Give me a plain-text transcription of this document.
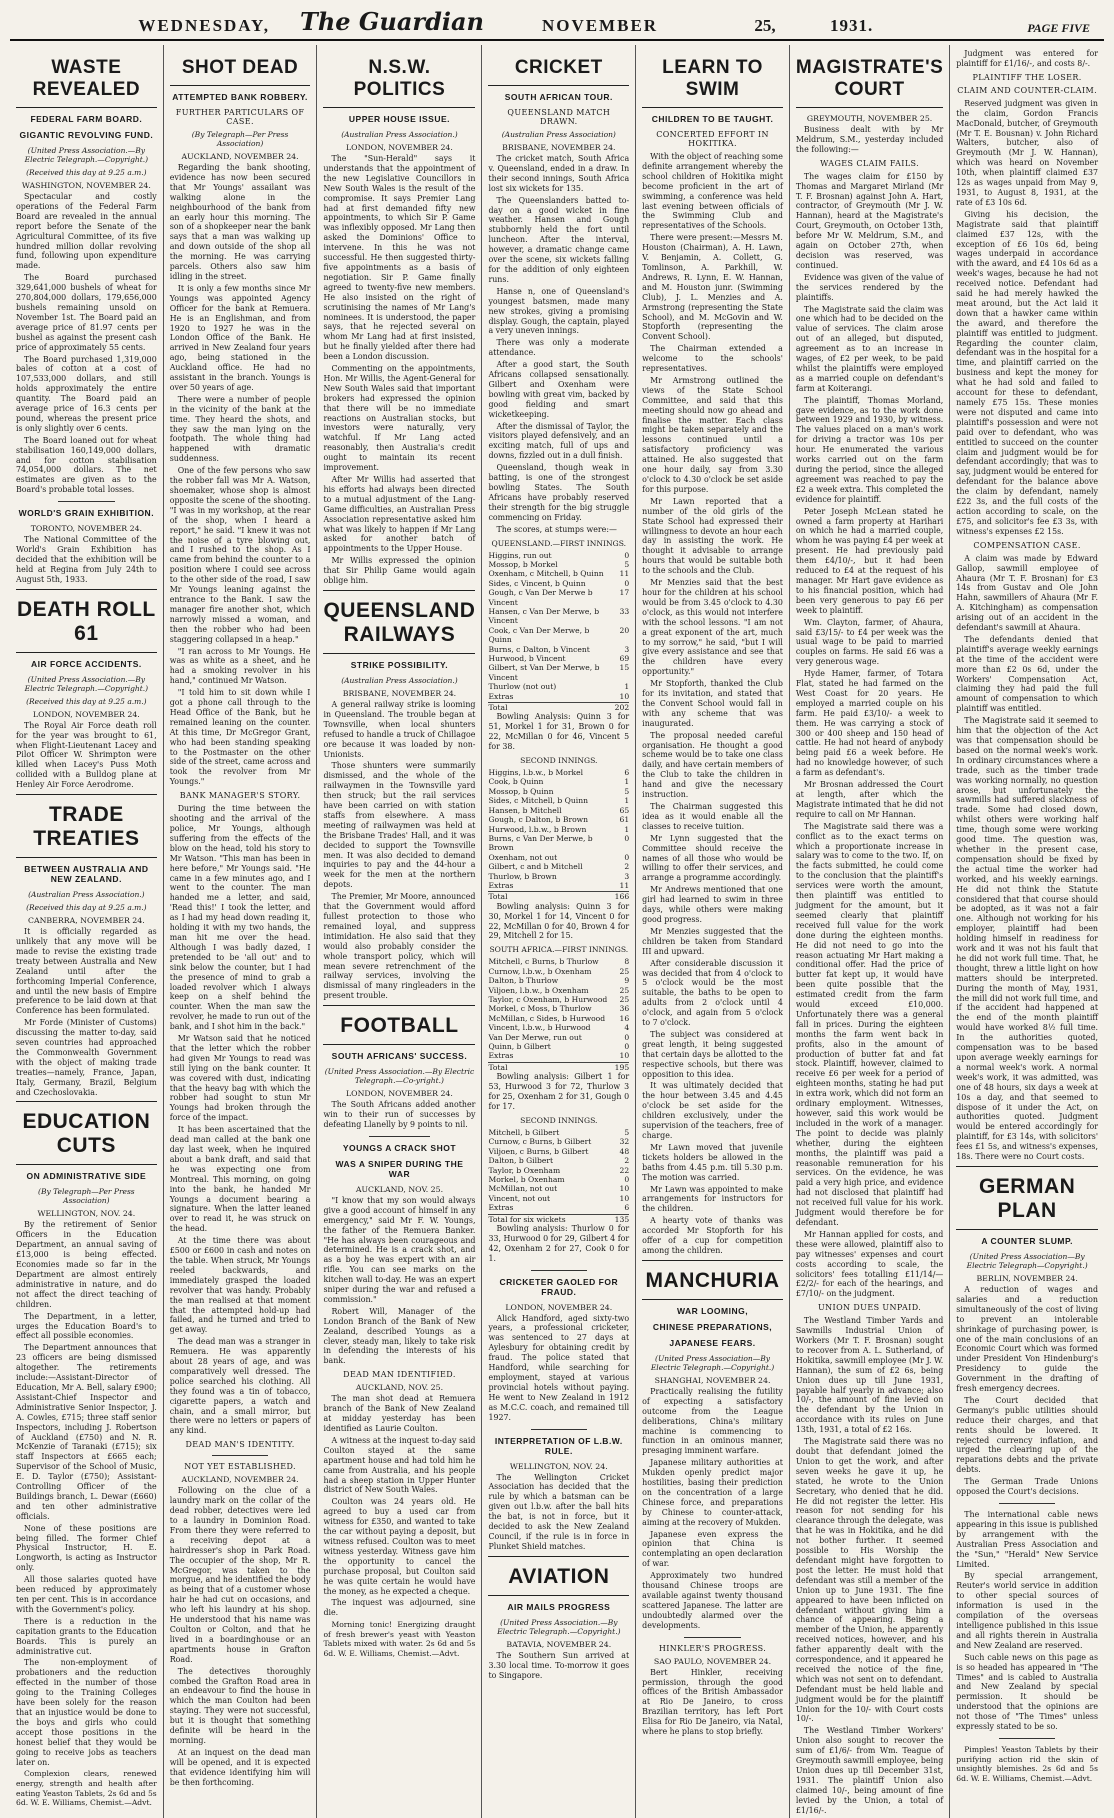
WEDNESDAY,	The Guardian	NOVEMBER	25,	1931.	PAGE FIVE
WASTE REVEALED
FEDERAL FARM BOARD.
GIGANTIC REVOLVING FUND.
(United Press Association.—By Electric Telegraph.—Copyright.)
(Received this day at 9.25 a.m.)
WASHINGTON, NOVEMBER 24.

Spectacular and costly operations of the Federal Farm Board are revealed in the annual report before the Senate of the Agricultural Committee, of its five hundred million dollar revolving fund, following upon expenditure made.

The Board purchased 329,641,000 bushels of wheat for 270,804,000 dollars, 179,656,000 bushels remaining unsold on November 1st. The Board paid an average price of 81.97 cents per bushel as against the present cash price of approximately 55 cents.

The Board purchased 1,319,000 bales of cotton at a cost of 107,533,000 dollars, and still holds approximately the entire quantity. The Board paid an average price of 16.3 cents per pound, whereas the present price is only slightly over 6 cents.

The Board loaned out for wheat stabilisation 160,149,000 dollars, and for cotton stabilisation 74,054,000 dollars. The net estimates are given as to the Board's probable total losses.

WORLD'S GRAIN EXHIBITION.
TORONTO, NOVEMBER 24.

The National Committee of the World's Grain Exhibition has decided that the exhibition will be held at Regina from July 24th to August 5th, 1933.

DEATH ROLL 61
AIR FORCE ACCIDENTS.
(United Press Association.—By Electric Telegraph.—Copyright.)
(Received this day at 9.25 a.m.)
LONDON, NOVEMBER 24.

The Royal Air Force death roll for the year was brought to 61, when Flight-Lieutenant Lacey and Pilot Officer W. Shrimpton were killed when Lacey's Puss Moth collided with a Bulldog plane at Henley Air Force Aerodrome.

TRADE TREATIES
BETWEEN AUSTRALIA AND NEW ZEALAND.
(Australian Press Association.)
(Received this day at 9.25 a.m.)
CANBERRA, NOVEMBER 24.

It is officially regarded as unlikely that any move will be made to revise the existing trade treaty between Australia and New Zealand until after the forthcoming Imperial Conference, and until the new basis of Empire preference to be laid down at that Conference has been formulated.

Mr Forde (Minister of Customs) discussing the matter to-day, said seven countries had approached the Commonwealth Government with the object of making trade treaties—namely, France, Japan, Italy, Germany, Brazil, Belgium and Czechoslovakia.

EDUCATION CUTS
ON ADMINISTRATIVE SIDE
(By Telegraph—Per Press Association)
WELLINGTON, NOV. 24.

By the retirement of Senior Officers in the Education Department, an annual saving of £13,000 is being effected. Economies made so far in the Department are almost entirely administrative in nature, and do not affect the direct teaching of children.

The Department, in a letter, urges the Education Board's to effect all possible economies.

The Department announces that 23 officers are being dismissed altogether. The retirements include:—Assistant-Director of Education, Mr A. Bell, salary £900; Assistant-Chief Inspector and Administrative Senior Inspector, J. A. Cowles, £715; three staff senior Inspectors, including J. Robertson of Auckland (£750) and N. R. McKenzie of Taranaki (£715); six staff Inspectors at £665 each; Supervisor of the School of Music, E. D. Taylor (£750); Assistant-Controlling Officer of the Buildings branch, L. Dewar (£660) and ten other administrative officials.

None of these positions are being filled. The former Chief Physical Instructor, H. E. Longworth, is acting as Instructor only.

All those salaries quoted have been reduced by approximately ten per cent. This is in accordance with the Government's policy.

There is a reduction in the capitation grants to the Education Boards. This is purely an administrative cut.

The non-employment of probationers and the reduction effected in the number of those going to the Training Colleges have been solely for the reason that an injustice would be done to the boys and girls who could accept those positions in the honest belief that they would be going to receive jobs as teachers later on.

Complexion clears, renewed energy, strength and health after eating Yeaston Tablets, 2s 6d and 5s 6d. W. E. Williams, Chemist.—Advt.

SHOT DEAD
ATTEMPTED BANK ROBBERY.
FURTHER PARTICULARS OF CASE.
(By Telegraph—Per Press Association)
AUCKLAND, NOVEMBER 24.

Regarding the bank shooting, evidence has now been secured that Mr Youngs' assailant was walking alone in the neighbourhood of the bank from an early hour this morning. The son of a shopkeeper near the bank says that a man was walking up and down outside of the shop all the morning. He was carrying parcels. Others also saw him idling in the street.

It is only a few months since Mr Youngs was appointed Agency Officer for the bank at Remuera. He is an Englishman, and from 1920 to 1927 he was in the London Office of the Bank. He arrived in New Zealand four years ago, being stationed in the Auckland office. He had no assistant in the branch. Youngs is over 50 years of age.

There were a number of people in the vicinity of the bank at the time. They heard the shots, and they saw the man lying on the footpath. The whole thing had happened with dramatic suddenness.

One of the few persons who saw the robber fall was Mr A. Watson, shoemaker, whose shop is almost opposite the scene of the shooting. "I was in my workshop, at the rear of the shop, when I heard a report," he said. "I knew it was not the noise of a tyre blowing out, and I rushed to the shop. As I came from behind the counter to a position where I could see across to the other side of the road, I saw Mr Youngs leaning against the entrance to the Bank. I saw the manager fire another shot, which narrowly missed a woman, and then the robber who had been staggering collapsed in a heap."

"I ran across to Mr Youngs. He was as white as a sheet, and he had a smoking revolver in his hand," continued Mr Watson.

"I told him to sit down while I got a phone call through to the Head Office of the Bank, but he remained leaning on the counter. At this time, Dr McGregor Grant, who had been standing speaking to the Postmaster on the other side of the street, came across and took the revolver from Mr Youngs."

BANK MANAGER'S STORY.

During the time between the shooting and the arrival of the police, Mr Youngs, although suffering from the effects of the blow on the head, told his story to Mr Watson. "This man has been in here before," Mr Youngs said. "He came in a few minutes ago, and I went to the counter. The man handed me a letter, and said, 'Read this!' I took the letter, and as I had my head down reading it, holding it with my two hands, the man hit me over the head. Although I was badly dazed, I pretended to be 'all out' and to sink below the counter, but I had the presence of mind to grab a loaded revolver which I always keep on a shelf behind the counter. When the man saw the revolver, he made to run out of the bank, and I shot him in the back."

Mr Watson said that he noticed that the letter which the robber had given Mr Youngs to read was still lying on the bank counter. It was covered with dust, indicating that the heavy bag with which the robber had sought to stun Mr Youngs had broken through the force of the impact.

It has been ascertained that the dead man called at the bank one day last week, when he inquired about a bank draft, and said that he was expecting one from Montreal. This morning, on going into the bank, he handed Mr Youngs a document bearing a signature. When the latter leaned over to read it, he was struck on the head.

At the time there was about £500 or £600 in cash and notes on the table. When struck, Mr Youngs reeled backwards, and immediately grasped the loaded revolver that was handy. Probably the man realised at that moment that the attempted hold-up had failed, and he turned and tried to get away.

The dead man was a stranger in Remuera. He was apparently about 28 years of age, and was comparatively well dressed. The police searched his clothing. All they found was a tin of tobacco, cigarette papers, a watch and chain, and a small mirror, but there were no letters or papers of any kind.

DEAD MAN'S IDENTITY.
NOT YET ESTABLISHED.
AUCKLAND, NOVEMBER 24.

Following on the clue of a laundry mark on the collar of the dead robber, detectives were led to a laundry in Dominion Road. From there they were referred to a receiving depot at a hairdresser's shop in Park Road. The occupier of the shop, Mr R. McGregor, was taken to the morgue, and he identified the body as being that of a customer whose hair he had cut on occasions, and who left his laundry at his shop. He understood that his name was Coulton or Colton, and that he lived in a boardinghouse or an apartments house in Grafton Road.

The detectives thoroughly combed the Grafton Road area in an endeavour to find the house in which the man Coulton had been staying. They were not successful, but it is thought that something definite will be heard in the morning.

At an inquest on the dead man will be opened, and it is expected that evidence identifying him will be then forthcoming.

N.S.W. POLITICS
UPPER HOUSE ISSUE.
(Australian Press Association.)
LONDON, NOVEMBER 24.

The "Sun-Herald" says it understands that the appointment of the new Legislative Councillors in New South Wales is the result of the compromise. It says Premier Lang had at first demanded fifty new appointments, to which Sir P. Game was inflexibly opposed. Mr Lang then asked the Dominions' Office to intervene. In this he was not successful. He then suggested thirty-five appointments as a basis of negotiation. Sir P. Game finally agreed to twenty-five new members. He also insisted on the right of scrutinising the names of Mr Lang's nominees. It is understood, the paper says, that he rejected several on whom Mr Lang had at first insisted, but he finally yielded after there had been a London discussion.

Commenting on the appointments, Hon. Mr Willis, the Agent-General for New South Wales said that important brokers had expressed the opinion that there will be no immediate reactions on Australian stocks, but investors were naturally, very watchful. If Mr Lang acted reasonably, then Australia's credit ought to maintain its recent improvement.

After Mr Willis had asserted that his efforts had always been directed to a mutual adjustment of the Lang-Game difficulties, an Australian Press Association representative asked him what was likely to happen if Mr Lang asked for another batch of appointments to the Upper House.

Mr Willis expressed the opinion that Sir Philip Game would again oblige him.

QUEENSLAND RAILWAYS
STRIKE POSSIBILITY.
(Australian Press Association.)
BRISBANE, NOVEMBER 24.

A general railway strike is looming in Queensland. The trouble began at Townsville, when local shunters refused to handle a truck of Chillagoe ore because it was loaded by non-Unionists.

Those shunters were summarily dismissed, and the whole of the railwaymen in the Townsville yard then struck; but the rail services have been carried on with station staffs from elsewhere. A mass meeting of railwaymen was held at the Brisbane Trades' Hall, and it was decided to support the Townsville men. It was also decided to demand inquiries to pay and the 44-hour a week for the men at the northern depots.

The Premier, Mr Moore, announced that the Government would afford fullest protection to those who remained loyal, and suppress intimidation. He also said that they would also probably consider the whole transport policy, which will mean severe retrenchment of the railway services, involving the dismissal of many ringleaders in the present trouble.

FOOTBALL
SOUTH AFRICANS' SUCCESS.
(United Press Association.—By Electric Telegraph.—Co-yright.)
LONDON, NOVEMBER 24.

The South Africans added another win to their run of successes by defeating Llanelly by 9 points to nil.

YOUNGS A CRACK SHOT
WAS A SNIPER DURING THE WAR
AUCKLAND, NOV. 25.

"I know that my son would always give a good account of himself in any emergency," said Mr F. W. Youngs, the father of the Remuera Banker. "He has always been courageous and determined. He is a crack shot, and as a boy he was expert with an air rifle. You can see marks on the kitchen wall to-day. He was an expert sniper during the war and refused a commission."

Robert Will, Manager of the London Branch of the Bank of New Zealand, described Youngs as a clever, steady man, likely to take risk in defending the interests of his bank.

DEAD MAN IDENTIFIED.
AUCKLAND, NOV. 25.

The man shot dead at Remuera branch of the Bank of New Zealand at midday yesterday has been identified as Laurie Coulton.

A witness at the inquest to-day said Coulton stayed at the same apartment house and had told him he came from Australia, and his people had a sheep station in Upper Hunter district of New South Wales.

Coulton was 24 years old. He agreed to buy a used car from witness for £350, and wanted to take the car without paying a deposit, but witness refused. Coulton was to meet witness yesterday. Witness gave him the opportunity to cancel the purchase proposal, but Coulton said he was quite certain he would have the money, as he expected a cheque.

The inquest was adjourned, sine die.

Morning tonic! Energizing draught of fresh brewer's yeast with Yeaston Tablets mixed with water. 2s 6d and 5s 6d. W. E. Williams, Chemist.—Advt.

CRICKET
SOUTH AFRICAN TOUR.
QUEENSLAND MATCH DRAWN.
(Australian Press Association)
BRISBANE, NOVEMBER 24.

The cricket match, South Africa v. Queensland, ended in a draw. In their second innings, South Africa lost six wickets for 135.

The Queenslanders batted to-day on a good wicket in fine weather. Hansen and Gough stubbornly held the fort until luncheon. After the interval, however, a dramatic change came over the scene, six wickets falling for the addition of only eighteen runs.

Hanse n, one of Queensland's youngest batsmen, made many new strokes, giving a promising display. Gough, the captain, played a very uneven innings.

There was only a moderate attendance.

After a good start, the South Africans collapsed sensationally. Gilbert and Oxenham were bowling with great vim, backed by good fielding and smart wicketkeeping.

After the dismissal of Taylor, the visitors played defensively, and an exciting match, full of ups and downs, fizzled out in a dull finish.

Queensland, though weak in batting, is one of the strongest bowling States. The South Africans have probably reserved their strength for the big struggle commencing on Friday.

The scores, at stumps were:—

QUEENSLAND.—FIRST INNINGS.
Higgins, run out	0
Mossop, b Morkel	5
Oxenham, c Mitchell, b Quinn	11
Sides, c Vincent, b Quinn	0
Gough, c Van Der Merwe b Vincent
17
Hansen, c Van Der Merwe, b Vincent
33
Cook, c Van Der Merwe, b Quinn
20
Burns, c Dalton, b Vincent	3
Hurwood, b Vincent	69
Gilbert, st Van Der Merwe, b Vincent
15
Thurlow (not out)	1
Extras	10
Total	202

Bowling Analysis: Quinn 3 for 51, Morkel 1 for 31, Brown 0 for 22, McMillan 0 for 46, Vincent 5 for 38.

SECOND INNINGS.
Higgins, l.b.w., b Morkel	6
Cook, b Quinn	1
Mossop, b Quinn	5
Sides, c Mitchell, b Quinn	1
Hansen, b Mitchell	65
Gough, c Dalton, b Brown	61
Hurwood, l.b.w., b Brown	1
Burns, c Van Der Merwe, b Brown
0
Oxenham, not out	0
Gilbert, c and b Mitchell	2
Thurlow, b Brown	3
Extras	11
Total	166

Bowling analysis: Quinn 3 for 30, Morkel 1 for 14, Vincent 0 for 22, McMillan 0 for 40, Brown 4 for 29, Mitchell 2 for 15.

SOUTH AFRICA.—FIRST INNINGS.
Mitchell, c Burns, b Thurlow	8
Curnow, l.b.w., b Oxenham	25
Dalton, b Thurlow	9
Viljoen, l.b.w., b Oxenham	25
Taylor, c Oxenham, b Hurwood	25
Morkel, c Moss, b Thurlow	36
McMillan, c Sides, b Hurwood	16
Vincent, l.b.w., b Hurwood	4
Van Der Merwe, run out	0
Quinn, b Gilbert	0
Extras	10
Total	195

Bowling analysis: Gilbert 1 for 53, Hurwood 3 for 72, Thurlow 3 for 25, Oxenham 2 for 31, Gough 0 for 17.

SECOND INNINGS.
Mitchell, b Gilbert	5
Curnow, c Burns, b Gilbert	32
Viljoen, c Burns, b Gilbert	48
Dalton, b Gilbert	2
Taylor, b Oxenham	22
Morkel, b Oxenham	0
McMillan, not out	10
Vincent, not out	10
Extras	6
Total for six wickets	135

Bowling analysis: Thurlow 0 for 33, Hurwood 0 for 29, Gilbert 4 for 42, Oxenham 2 for 27, Cook 0 for 1.

CRICKETER GAOLED FOR FRAUD.
LONDON, NOVEMBER 24.

Alick Handford, aged sixty-two years, a professional cricketer, was sentenced to 27 days at Aylesbury for obtaining credit by fraud. The police stated that Handford, while searching for employment, stayed at various provincial hotels without paying. He went to New Zealand in 1912 as M.C.C. coach, and remained till 1927.

INTERPRETATION OF L.B.W. RULE.
WELLINGTON, NOV. 24.

The Wellington Cricket Association has decided that the rule by which a batsman can be given out l.b.w. after the ball hits the bat, is not in force, but it decided to ask the New Zealand Council, if the rule is in force in Plunket Shield matches.

AVIATION
AIR MAILS PROGRESS
(United Press Association.—By Electric Telegraph.—Copyright.)
BATAVIA, NOVEMBER 24.

The Southern Sun arrived at 3.30 local time. To-morrow it goes to Singapore.

LEARN TO SWIM
CHILDREN TO BE TAUGHT.
CONCERTED EFFORT IN HOKITIKA.

With the object of reaching some definite arrangement whereby the school children of Hokitika might become proficient in the art of swimming, a conference was held last evening between officials of the Swimming Club and representatives of the Schools.

There were present:—Messrs M. Houston (Chairman), A. H. Lawn, V. Benjamin, A. Collett, G. Tomlinson, A. Parkhill, W. Andrews, R. Lynn, E. W. Hannan, and M. Houston junr. (Swimming Club), J. L. Menzies and A. Armstrong (representing the State School), and M. McGovin and W. Stopforth (representing the Convent School).

The Chairman extended a welcome to the schools' representatives.

Mr Armstrong outlined the views of the State School Committee, and said that this meeting should now go ahead and finalise the matter. Each class might be taken separately and the lessons continued until a satisfactory proficiency was attained. He also suggested that one hour daily, say from 3.30 o'clock to 4.30 o'clock be set aside for this purpose.

Mr Lawn reported that a number of the old girls of the State School had expressed their willingness to devote an hour each day in assisting the work. He thought it advisable to arrange hours that would be suitable both to the schools and the Club.

Mr Menzies said that the best hour for the children at his school would be from 3.45 o'clock to 4.30 o'clock, as this would not interfere with the school lessons. "I am not a great exponent of the art, much to my sorrow," he said, "but I will give every assistance and see that the children have every opportunity."

Mr Stopforth, thanked the Club for its invitation, and stated that the Convent School would fall in with any scheme that was inaugurated.

The proposal needed careful organisation. He thought a good scheme would be to take one class daily, and have certain members of the Club to take the children in hand and give the necessary instruction.

The Chairman suggested this idea as it would enable all the classes to receive tuition.

Mr Lynn suggested that the Committee should receive the names of all those who would be willing to offer their services, and arrange a programme accordingly.

Mr Andrews mentioned that one girl had learned to swim in three days, while others were making good progress.

Mr Menzies suggested that the children be taken from Standard III and upward.

After considerable discussion it was decided that from 4 o'clock to 5 o'clock would be the most suitable, the baths to be open to adults from 2 o'clock until 4 o'clock, and again from 5 o'clock to 7 o'clock.

The subject was considered at great length, it being suggested that certain days be allotted to the respective schools, but there was opposition to this idea.

It was ultimately decided that the hour between 3.45 and 4.45 o'clock be set aside for the children exclusively, under the supervision of the teachers, free of charge.

Mr Lawn moved that juvenile tickets holders be allowed in the baths from 4.45 p.m. till 5.30 p.m. The motion was carried.

Mr Lawn was appointed to make arrangements for instructors for the children.

A hearty vote of thanks was accorded Mr Stopforth for his offer of a cup for competition among the children.

MANCHURIA
WAR LOOMING,
CHINESE PREPARATIONS,
JAPANESE FEARS.
(United Press Association—By Electric Telegraph.—Copyright.)
SHANGHAI, NOVEMBER 24.

Practically realising the futility of expecting a satisfactory outcome from the League deliberations, China's military machine is commencing to function in an ominous manner, presaging imminent warfare.

Japanese military authorities at Mukden openly predict major hostilities, basing their prediction on the concentration of a large Chinese force, and preparations by Chinese to counter-attack, aiming at the recovery of Mukden.

Japanese even express the opinion that China is contemplating an open declaration of war.

Approximately two hundred thousand Chinese troops are available against twenty thousand scattered Japanese. The latter are undoubtedly alarmed over the developments.

HINKLER'S PROGRESS.
SAO PAULO, NOVEMBER 24.

Bert Hinkler, receiving permission, through the good offices of the British Ambassador at Rio De Janeiro, to cross Brazilian territory, has left Port Elisa for Rio De Janeiro, via Natal, where he plans to stop briefly.

MAGISTRATE'S COURT
GREYMOUTH, NOVEMBER 25.

Business dealt with by Mr Meldrum, S.M., yesterday included the following:—

WAGES CLAIM FAILS.

The wages claim for £150 by Thomas and Margaret Mirland (Mr T. F. Brosnan) against John A. Hart, contractor, of Greymouth (Mr J. W. Hannan), heard at the Magistrate's Court, Greymouth, on October 13th, before Mr W. Meldrum, S.M., and again on October 27th, when decision was reserved, was continued.

Evidence was given of the value of the services rendered by the plaintiffs.

The Magistrate said the claim was one which had to be decided on the value of services. The claim arose out of an alleged, but disputed, agreement as to an increase in wages, of £2 per week, to be paid whilst the plaintiffs were employed as a married couple on defendant's farm at Koiterangi.

The plaintiff, Thomas Morland, gave evidence, as to the work done between 1929 and 1930, by witness. The values placed on a man's work for driving a tractor was 10s per hour. He enumerated the various works carried out on the farm during the period, since the alleged agreement was reached to pay the £2 a week extra. This completed the evidence for plaintiff.

Peter Joseph McLean stated he owned a farm property at Harihari on which he had a married couple, whom he was paying £4 per week at present. He had previously paid them £4/10/-, but it had been reduced to £4 at the request of his manager. Mr Hart gave evidence as to his financial position, which had been very generous to pay £6 per week to plaintiff.

Wm. Clayton, farmer, of Ahaura, said £3/15/- to £4 per week was the usual wage to be paid to married couples on farms. He said £6 was a very generous wage.

Hyde Hamer, farmer, of Totara Flat, stated he had farmed on the West Coast for 20 years. He employed a married couple on his farm. He paid £3/10/- a week to them. He was carrying a stock of 300 or 400 sheep and 150 head of cattle. He had not heard of anybody being paid £6 a week before. He had no knowledge however, of such a farm as defendant's.

Mr Brosnan addressed the Court at length, after which the Magistrate intimated that he did not require to call on Mr Hannan.

The Magistrate said there was a conflict as to the exact terms on which a proportionate increase in salary was to come to the two. If, on the facts submitted, he could come to the conclusion that the plaintiff's services were worth the amount, then plaintiff was entitled to judgment for the amount, but it seemed clearly that plaintiff received full value for the work done during the eighteen months. He did not need to go into the reason actuating Mr Hart making a conditional offer. Had the price of butter fat kept up, it would have been quite possible that the estimated credit from the farm would exceed £10,000. Unfortunately there was a general fall in prices. During the eighteen months the farm went back in profits, also in the amount of production of butter fat and fat stock. Plaintiff, however, claimed to receive £6 per week for a period of eighteen months, stating he had put in extra work, which did not form an ordinary employment. Witnesses, however, said this work would be included in the work of a manager. The point to decide was plainly whether, during the eighteen months, the plaintiff was paid a reasonable remuneration for his services. On the evidence, he was paid a very high price, and evidence had not disclosed that plaintiff had not received full value for his work. Judgment would therefore be for defendant.

Mr Hannan applied for costs, and these were allowed, plaintiff also to pay witnesses' expenses and court costs according to scale, the solicitors' fees totalling £11/14/—£2/2/- for each of the hearings, and £7/10/- on the judgment.

UNION DUES UNPAID.

The Westland Timber Yards and Sawmills Industrial Union of Workers (Mr T. F. Brosnan) sought to recover from A. L. Sutherland, of Hokitika, sawmill employee (Mr J. W. Hannan), the sum of £2 6s, being Union dues up till June 1931, payable half yearly in advance; also 10/-, the amount of fine levied on the defendant by the Union in accordance with its rules on June 13th, 1931, a total of £2 16s.

The Magistrate said there was no doubt that defendant joined the Union to get the work, and after seven weeks he gave it up, he stated, he wrote to the Union Secretary, who denied that he did. He did not register the letter. His reason for not sending for his clearance through the delegate, was that he was in Hokitika, and he did not bother further. It seemed possible to His Worship the defendant might have forgotten to post the letter. He must hold that defendant was still a member of the Union up to June 1931. The fine appeared to have been inflicted on defendant without giving him a chance of appearing. Being a member of the Union, he apparently received notices, however, and his father apparently dealt with the correspondence, and it appeared he received the notice of the fine, which was not sent on to defendant. Defendant must be held liable and judgment would be for the plaintiff Union for the 10/- with Court costs 10/-.

The Westland Timber Workers' Union also sought to recover the sum of £1/6/- from Wm. Teague of Greymouth sawmill employee, being Union dues up till December 31st, 1931. The plaintiff Union also claimed 10/-, being amount of fine levied by the Union, a total of £1/16/-.

Judgment was entered for plaintiff for £1/16/-, and costs 8/-.

PLAINTIFF THE LOSER.
CLAIM AND COUNTER-CLAIM.

Reserved judgment was given in the claim, Gordon Francis MacDonald, butcher, of Greymouth (Mr T. E. Bousnan) v. John Richard Walters, butcher, also of Greymouth (Mr J. W. Hannan), which was heard on November 10th, when plaintiff claimed £37 12s as wages unpaid from May 9, 1931, to August 8, 1931, at the rate of £3 10s 6d.

Giving his decision, the Magistrate said that plaintiff claimed £37 12s, with the exception of £6 10s 6d, being wages underpaid in accordance with the award, and £4 10s 6d as a week's wages, because he had not received notice. Defendant had said he had merely hawked the meat around, but the Act laid it down that a hawker came within the award, and therefore the plaintiff was entitled to judgment. Regarding the counter claim, defendant was in the hospital for a time, and plaintiff carried on the business and kept the money for what he had sold and failed to account for these to defendant, namely £75 15s. These monies were not disputed and came into plaintiff's possession and were not paid over to defendant, who was entitled to succeed on the counter claim and judgment would be for defendant accordingly; that was to say, judgment would be entered for defendant for the balance above the claim by defendant, namely £22 3s, and the full costs of the action according to scale, on the £75, and solicitor's fee £3 3s, with witness's expenses £2 15s.

COMPENSATION CASE.

A claim was made by Edward Gallop, sawmill employee of Ahaura (Mr T. F. Brosnan) for £3 14s from Gustav and Ole John Hahn, sawmillers of Ahaura (Mr F. A. Kitchingham) as compensation arising out of an accident in the defendant's sawmill at Ahaura.

The defendants denied that plaintiff's average weekly earnings at the time of the accident were more than £2 0s 6d, under the Workers' Compensation Act, claiming they had paid the full amount of compensation to which plaintiff was entitled.

The Magistrate said it seemed to him that the objection of the Act was that compensation should be based on the normal week's work. In ordinary circumstances where a trade, such as the timber trade was working normally, no question arose, but unfortunately the sawmills had suffered slackness of trade. Some had closed down, whilst others were working half time, though some were working good time. The question was, whether in the present case, compensation should be fixed by the actual time the worker had worked, and his weekly earnings. He did not think the Statute considered that that course should be adopted, as it was not a fair one. Although not working for his employer, plaintiff had been holding himself in readiness for work and it was not his fault that he did not work full time. That, he thought, threw a little light on how matters should be interpreted. During the month of May, 1931, the mill did not work full time, and if the accident had happened at the end of the month plaintiff would have worked 8½ full time. In the authorities quoted, compensation was to be based upon average weekly earnings for a normal week's work. A normal week's work, it was admitted, was one of 48 hours, six days a week at 10s a day, and that seemed to dispose of it under the Act, on authorities quoted. Judgment would be entered accordingly for plaintiff, for £3 14s, with solicitors' fees £1 5s, and witness's expenses, 18s. There were no Court costs.

GERMAN PLAN
A COUNTER SLUMP.
(United Press Association—By Electric Telegraph—Copyright.)
BERLIN, NOVEMBER 24.

A reduction of wages and salaries and a reduction simultaneously of the cost of living to prevent an intolerable shrinkage of purchasing power, is one of the main conclusions of an Economic Court which was formed under President Von Hindenburg's Presidency to guide the Government in the drafting of fresh emergency decrees.

The Court decided that Germany's public utilities should reduce their charges, and that rents should be lowered. It rejected currency inflation, and urged the clearing up of the reparations debts and the private debts.

The German Trade Unions opposed the Court's decisions.

The international cable news appearing in this issue is published by arrangement with the Australian Press Association and the "Sun," "Herald" New Service Limited.

By special arrangement, Reuter's world service in addition to other special sources of information is used in the compilation of the overseas intelligence published in this issue and all rights therein in Australia and New Zealand are reserved.

Such cable news on this page as is so headed has appeared in "The Times" and is cabled to Australia and New Zealand by special permission. It should be understood that the opinions are not those of "The Times" unless expressly stated to be so.

Pimples! Yeaston Tablets by their purifying action rid the skin of unsightly blemishes. 2s 6d and 5s 6d. W. E. Williams, Chemist.—Advt.
